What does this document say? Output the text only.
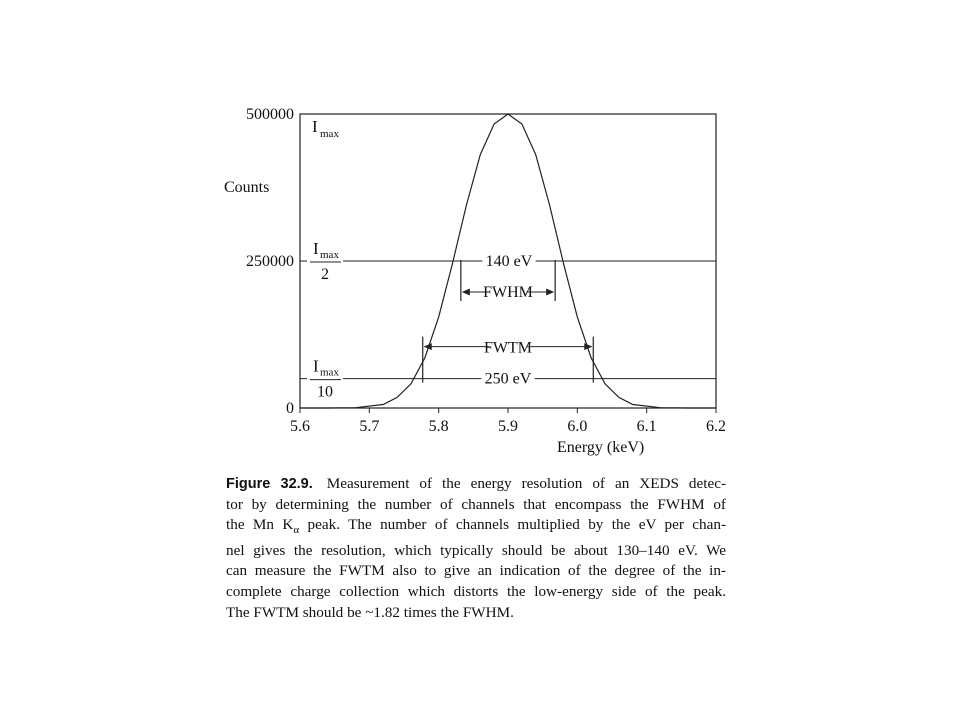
140 eV
FWHM
FWTM
250 eV
Counts
Energy (keV)
5.6	5.7	5.8	5.9	6.0	6.1	6.2
500000
250000
0
I max
I max
2
I max
10

Figure 32.9. Measurement of the energy resolution of an XEDS detec-
tor by determining the number of channels that encompass the FWHM of
the Mn $K_\alpha$ peak. The number of channels multiplied by the eV per chan-
nel gives the resolution, which typically should be about 130–140 eV. We
can measure the FWTM also to give an indication of the degree of the in-
complete charge collection which distorts the low-energy side of the peak.
The FWTM should be ~1.82 times the FWHM.
